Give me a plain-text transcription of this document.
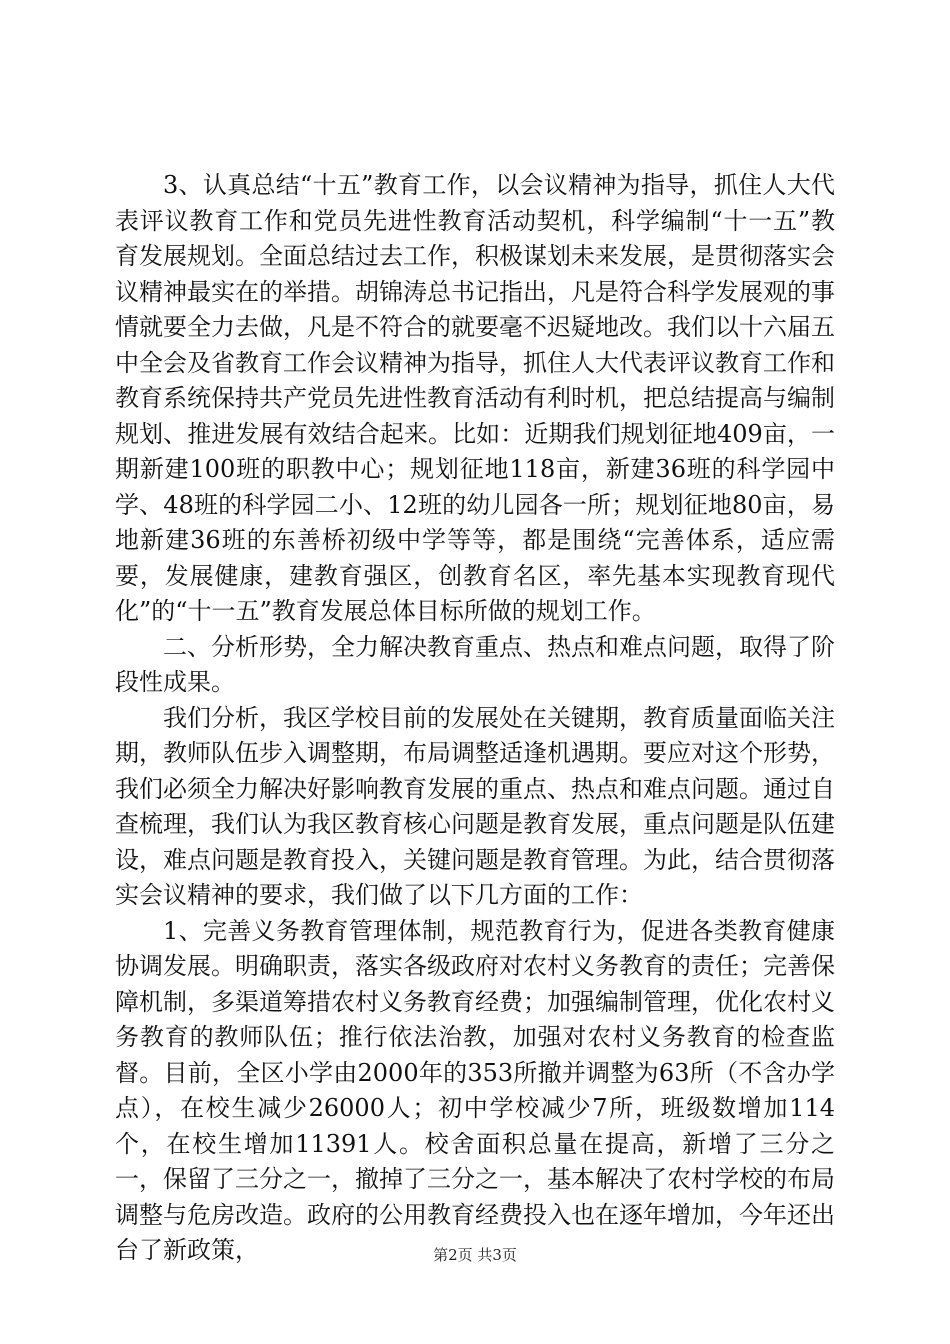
3、认真总结“十五”教育工作，以会议精神为指导，抓住人大代表评议教育工作和党员先进性教育活动契机，科学编制“十一五”教育发展规划。全面总结过去工作，积极谋划未来发展，是贯彻落实会议精神最实在的举措。胡锦涛总书记指出，凡是符合科学发展观的事情就要全力去做，凡是不符合的就要毫不迟疑地改。我们以十六届五中全会及省教育工作会议精神为指导，抓住人大代表评议教育工作和教育系统保持共产党员先进性教育活动有利时机，把总结提高与编制规划、推进发展有效结合起来。比如：近期我们规划征地409亩，一期新建100班的职教中心；规划征地118亩，新建36班的科学园中学、48班的科学园二小、12班的幼儿园各一所；规划征地80亩，易地新建36班的东善桥初级中学等等，都是围绕“完善体系，适应需要，发展健康，建教育强区，创教育名区，率先基本实现教育现代化”的“十一五”教育发展总体目标所做的规划工作。

二、分析形势，全力解决教育重点、热点和难点问题，取得了阶段性成果。

我们分析，我区学校目前的发展处在关键期，教育质量面临关注期，教师队伍步入调整期，布局调整适逢机遇期。要应对这个形势，我们必须全力解决好影响教育发展的重点、热点和难点问题。通过自查梳理，我们认为我区教育核心问题是教育发展，重点问题是队伍建设，难点问题是教育投入，关键问题是教育管理。为此，结合贯彻落实会议精神的要求，我们做了以下几方面的工作：

1、完善义务教育管理体制，规范教育行为，促进各类教育健康协调发展。明确职责，落实各级政府对农村义务教育的责任；完善保障机制，多渠道筹措农村义务教育经费；加强编制管理，优化农村义务教育的教师队伍；推行依法治教，加强对农村义务教育的检查监督。目前，全区小学由2000年的353所撤并调整为63所（不含办学点），在校生减少26000人；初中学校减少7所，班级数增加114个，在校生增加11391人。校舍面积总量在提高，新增了三分之一，保留了三分之一，撤掉了三分之一，基本解决了农村学校的布局调整与危房改造。政府的公用教育经费投入也在逐年增加，今年还出台了新政策，	第2页 共3页
